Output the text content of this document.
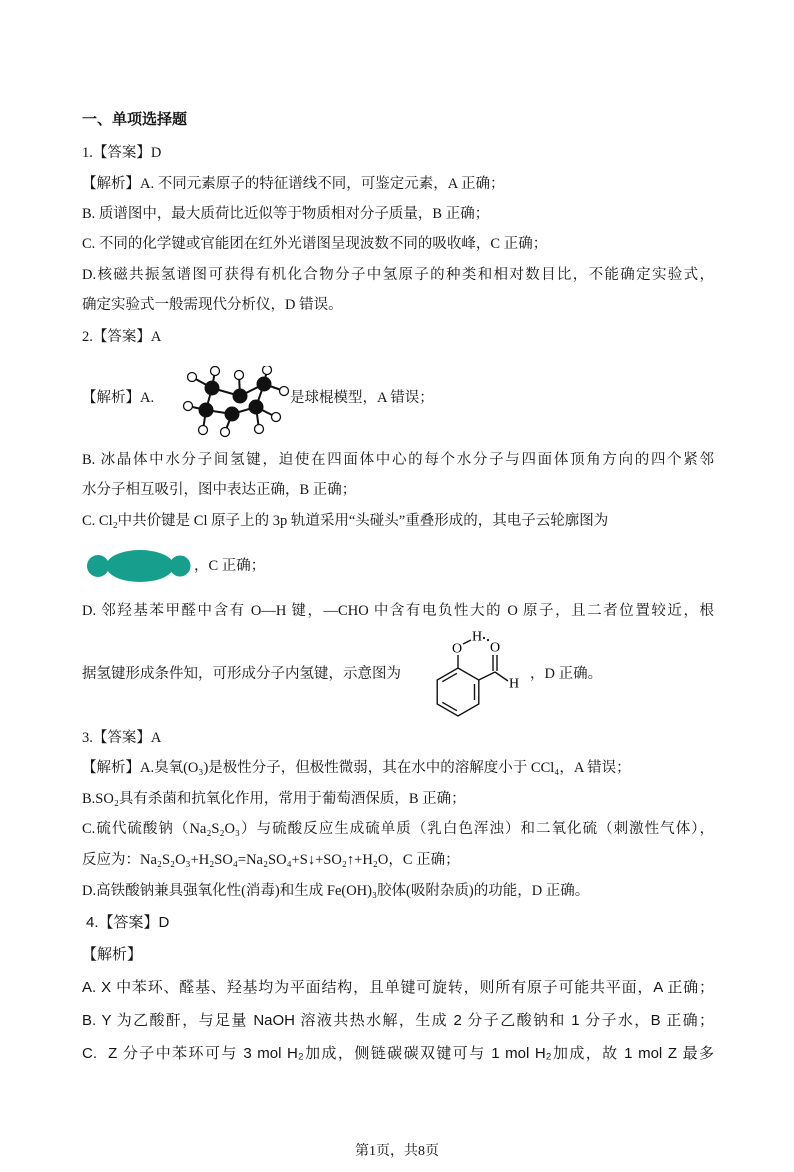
一、单项选择题
1.【答案】D
【解析】A. 不同元素原子的特征谱线不同，可鉴定元素，A 正确；
B. 质谱图中，最大质荷比近似等于物质相对分子质量，B 正确；
C. 不同的化学键或官能团在红外光谱图呈现波数不同的吸收峰，C 正确；
D.核磁共振氢谱图可获得有机化合物分子中氢原子的种类和相对数目比，不能确定实验式，
确定实验式一般需现代分析仪，D 错误。
2.【答案】A
【解析】A.	是球棍模型，A 错误；
B. 冰晶体中水分子间氢键，迫使在四面体中心的每个水分子与四面体顶角方向的四个紧邻
水分子相互吸引，图中表达正确，B 正确；
C. Cl₂中共价键是 Cl 原子上的 3p 轨道采用“头碰头”重叠形成的，其电子云轮廓图为
，C 正确；
D. 邻羟基苯甲醛中含有 O—H 键，—CHO 中含有电负性大的 O 原子，且二者位置较近，根
据氢键形成条件知，可形成分子内氢键，示意图为
O
H
O
H
，D 正确。
3.【答案】A
【解析】A.臭氧(O₃)是极性分子，但极性微弱，其在水中的溶解度小于 CCl₄，A 错误；
B.SO₂具有杀菌和抗氧化作用，常用于葡萄酒保质，B 正确；
C.硫代硫酸钠（Na₂S₂O₃）与硫酸反应生成硫单质（乳白色浑浊）和二氧化硫（刺激性气体），
反应为：Na₂S₂O₃+H₂SO₄=Na₂SO₄+S↓+SO₂↑+H₂O，C 正确；
D.高铁酸钠兼具强氧化性(消毒)和生成 Fe(OH)₃胶体(吸附杂质)的功能，D 正确。
4.【答案】D
【解析】
A. X 中苯环、醛基、羟基均为平面结构，且单键可旋转，则所有原子可能共平面，A 正确；
B. Y 为乙酸酐，与足量 NaOH 溶液共热水解，生成 2 分子乙酸钠和 1 分子水，B 正确；
C.  Z 分子中苯环可与 3 mol H₂加成，侧链碳碳双键可与 1 mol H₂加成，故 1 mol Z 最多
第1页，共8页
